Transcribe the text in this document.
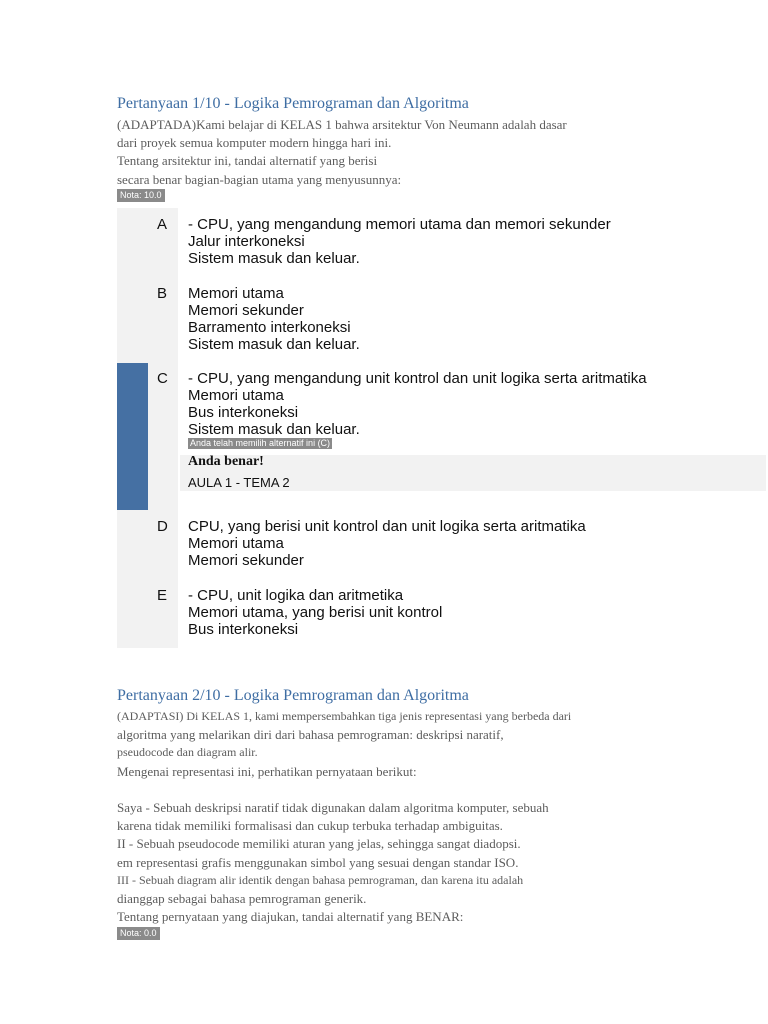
Pertanyaan 1/10 - Logika Pemrograman dan Algoritma
(ADAPTADA)Kami belajar di KELAS 1 bahwa arsitektur Von Neumann adalah dasar
dari proyek semua komputer modern hingga hari ini.
Tentang arsitektur ini, tandai alternatif yang berisi
secara benar bagian-bagian utama yang menyusunnya:
Nota: 10.0
A - CPU, yang mengandung memori utama dan memori sekunder
Jalur interkoneksi
Sistem masuk dan keluar.
B Memori utama
Memori sekunder
Barramento interkoneksi
Sistem masuk dan keluar.
C - CPU, yang mengandung unit kontrol dan unit logika serta aritmatika
Memori utama
Bus interkoneksi
Sistem masuk dan keluar.
Anda telah memilih alternatif ini (C)
Anda benar!
AULA 1 - TEMA 2
D CPU, yang berisi unit kontrol dan unit logika serta aritmatika
Memori utama
Memori sekunder
E - CPU, unit logika dan aritmetika
Memori utama, yang berisi unit kontrol
Bus interkoneksi
Pertanyaan 2/10 - Logika Pemrograman dan Algoritma
(ADAPTASI) Di KELAS 1, kami mempersembahkan tiga jenis representasi yang berbeda dari
algoritma yang melarikan diri dari bahasa pemrograman: deskripsi naratif,
pseudocode dan diagram alir.
Mengenai representasi ini, perhatikan pernyataan berikut:
Saya - Sebuah deskripsi naratif tidak digunakan dalam algoritma komputer, sebuah
karena tidak memiliki formalisasi dan cukup terbuka terhadap ambiguitas.
II - Sebuah pseudocode memiliki aturan yang jelas, sehingga sangat diadopsi.
em representasi grafis menggunakan simbol yang sesuai dengan standar ISO.
III - Sebuah diagram alir identik dengan bahasa pemrograman, dan karena itu adalah
dianggap sebagai bahasa pemrograman generik.
Tentang pernyataan yang diajukan, tandai alternatif yang BENAR:
Nota: 0.0
